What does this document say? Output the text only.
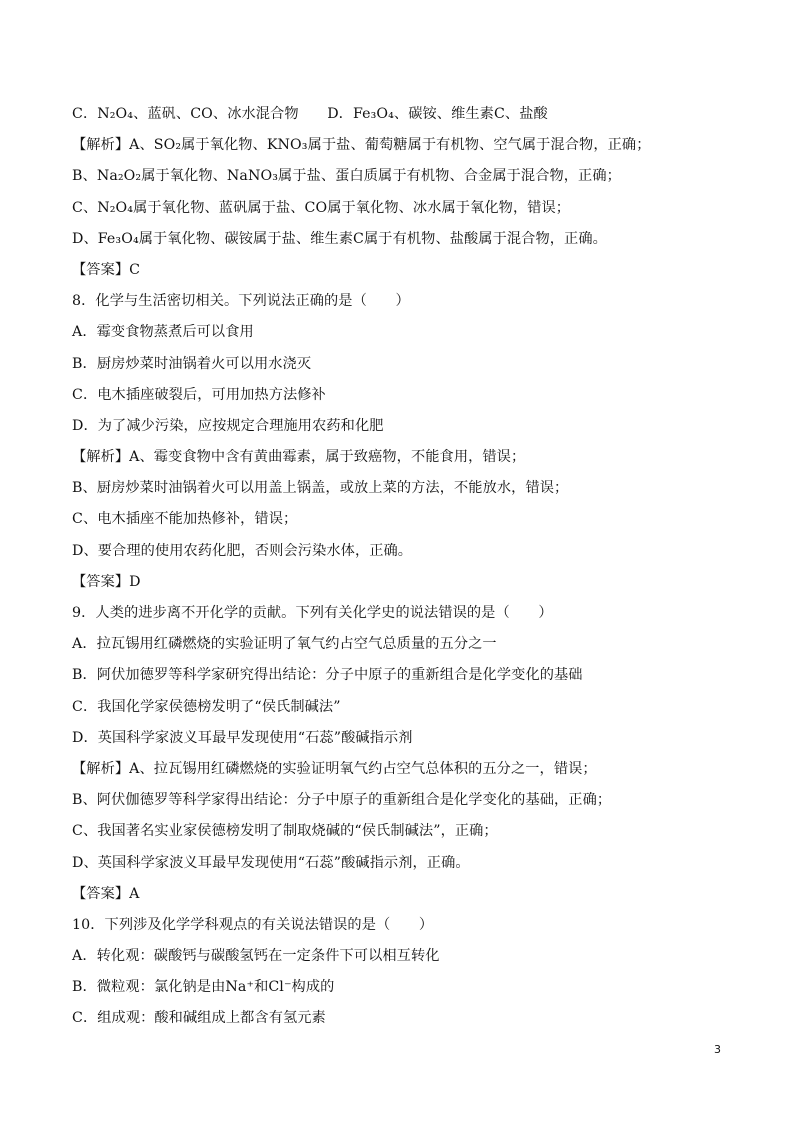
C．N₂O₄、蓝矾、CO、冰水混合物　　D．Fe₃O₄、碳铵、维生素C、盐酸
【解析】A、SO₂属于氧化物、KNO₃属于盐、葡萄糖属于有机物、空气属于混合物，正确；
B、Na₂O₂属于氧化物、NaNO₃属于盐、蛋白质属于有机物、合金属于混合物，正确；
C、N₂O₄属于氧化物、蓝矾属于盐、CO属于氧化物、冰水属于氧化物，错误；
D、Fe₃O₄属于氧化物、碳铵属于盐、维生素C属于有机物、盐酸属于混合物，正确。
【答案】C
8．化学与生活密切相关。下列说法正确的是（　　）
A．霉变食物蒸煮后可以食用
B．厨房炒菜时油锅着火可以用水浇灭
C．电木插座破裂后，可用加热方法修补
D．为了减少污染，应按规定合理施用农药和化肥
【解析】A、霉变食物中含有黄曲霉素，属于致癌物，不能食用，错误；
B、厨房炒菜时油锅着火可以用盖上锅盖，或放上菜的方法，不能放水，错误；
C、电木插座不能加热修补，错误；
D、要合理的使用农药化肥，否则会污染水体，正确。
【答案】D
9．人类的进步离不开化学的贡献。下列有关化学史的说法错误的是（　　）
A．拉瓦锡用红磷燃烧的实验证明了氧气约占空气总质量的五分之一
B．阿伏加德罗等科学家研究得出结论：分子中原子的重新组合是化学变化的基础
C．我国化学家侯德榜发明了“侯氏制碱法”
D．英国科学家波义耳最早发现使用“石蕊”酸碱指示剂
【解析】A、拉瓦锡用红磷燃烧的实验证明氧气约占空气总体积的五分之一，错误；
B、阿伏伽德罗等科学家得出结论：分子中原子的重新组合是化学变化的基础，正确；
C、我国著名实业家侯德榜发明了制取烧碱的“侯氏制碱法”，正确；
D、英国科学家波义耳最早发现使用“石蕊”酸碱指示剂，正确。
【答案】A
10．下列涉及化学学科观点的有关说法错误的是（　　）
A．转化观：碳酸钙与碳酸氢钙在一定条件下可以相互转化
B．微粒观：氯化钠是由Na⁺和Cl⁻构成的
C．组成观：酸和碱组成上都含有氢元素
3
